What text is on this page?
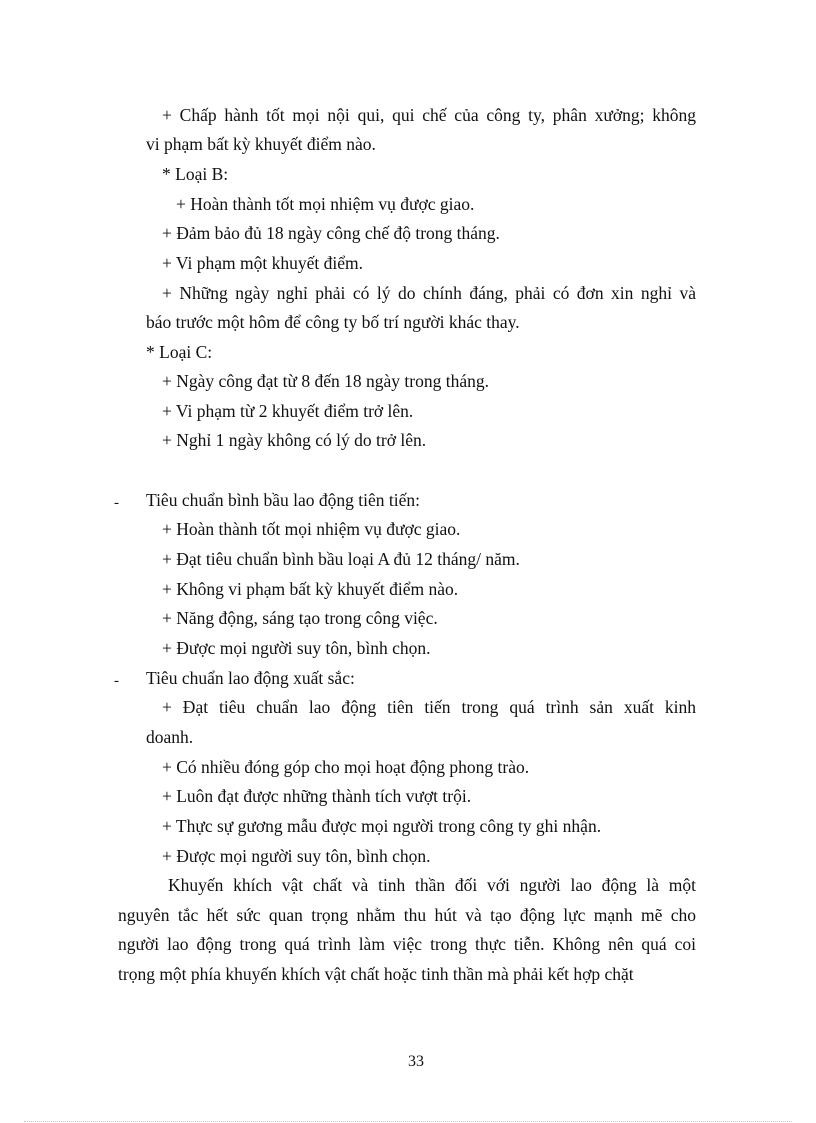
+ Chấp hành tốt mọi nội qui, qui chế của công ty, phân xưởng; không
vi phạm bất kỳ khuyết điểm nào.
* Loại B:
+ Hoàn thành tốt mọi nhiệm vụ được giao.
+ Đảm bảo đủ 18 ngày công chế độ trong tháng.
+ Vi phạm một khuyết điểm.
+ Những ngày nghỉ phải có lý do chính đáng, phải có đơn xin nghỉ và
báo trước một hôm để công ty bố trí người khác thay.
* Loại C:
+ Ngày công đạt từ 8 đến 18 ngày trong tháng.
+ Vi phạm từ 2 khuyết điểm trở lên.
+ Nghỉ 1 ngày không có lý do trở lên.
- Tiêu chuẩn bình bầu lao động tiên tiến:
+ Hoàn thành tốt mọi nhiệm vụ được giao.
+ Đạt tiêu chuẩn bình bầu loại A đủ 12 tháng/ năm.
+ Không vi phạm bất kỳ khuyết điểm nào.
+ Năng động, sáng tạo trong công việc.
+ Được mọi người suy tôn, bình chọn.
- Tiêu chuẩn lao động xuất sắc:
+ Đạt tiêu chuẩn lao động tiên tiến trong quá trình sản xuất kinh
doanh.
+ Có nhiều đóng góp cho mọi hoạt động phong trào.
+ Luôn đạt được những thành tích vượt trội.
+ Thực sự gương mẫu được mọi người trong công ty ghi nhận.
+ Được mọi người suy tôn, bình chọn.
Khuyến khích vật chất và tinh thần đối với người lao động là một
nguyên tắc hết sức quan trọng nhằm thu hút và tạo động lực mạnh mẽ cho
người lao động trong quá trình làm việc trong thực tiễn. Không nên quá coi
trọng một phía khuyến khích vật chất hoặc tinh thần mà phải kết hợp chặt
33
